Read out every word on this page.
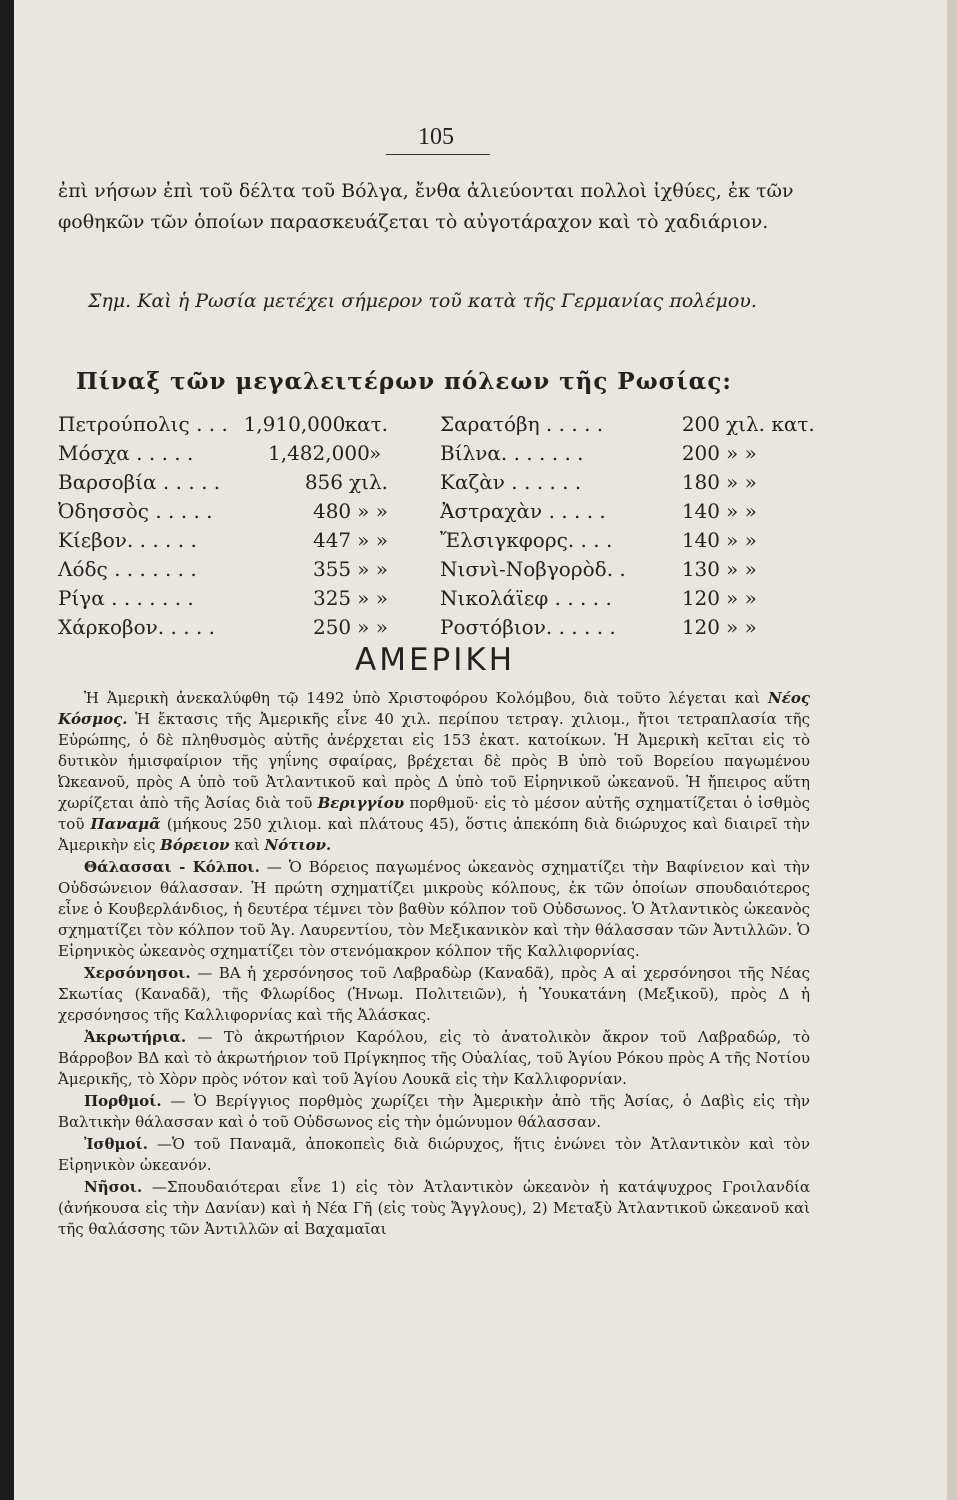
105

ἐπὶ νήσων ἐπὶ τοῦ δέλτα τοῦ Βόλγα, ἔνθα ἀλιεύονται πολλοὶ ἰχθύες, ἐκ τῶν φοθηκῶν τῶν ὁποίων παρασκευάζεται τὸ αὐγοτάραχον καὶ τὸ χαδιάριον.

Σημ. Καὶ ἡ Ρωσία μετέχει σήμερον τοῦ κατὰ τῆς Γερμανίας πολέμου.

Πίναξ τῶν μεγαλειτέρων πόλεων τῆς Ρωσίας:
Πετρούπολις . . . 1,910,000 κατ.
Μόσχα . . . . .	1,482,000 »
Βαρσοβία . . . . .	856 χιλ.
Ὀδησσὸς . . . . .	480 » »
Κίεβον. . . . . .	447 » »
Λόδς . . . . . . .	355 » »
Ρίγα . . . . . . .	325 » »
Χάρκοβον. . . . .	250 » »
Σαρατόβη . . . . .	200 χιλ. κατ.
Βίλνα. . . . . . .	200 » »
Καζὰν . . . . . .	180 » »
Ἀστραχὰν . . . . .	140 » »
Ἔλσιγκφορς. . . .	140 » »
Νισνὶ-Νοβγορὸδ. .	130 » »
Νικολάϊεφ . . . . .	120 » »
Ροστόβιον. . . . . .	120 » »
ΑΜΕΡΙΚΗ

Ἡ Ἀμερικὴ ἀνεκαλύφθη τῷ 1492 ὑπὸ Χριστοφόρου Κολόμβου, διὰ τοῦτο λέγεται καὶ Νέος Κόσμος. Ἡ ἔκτασις τῆς Ἀμερικῆς εἶνε 40 χιλ. περίπου τετραγ. χιλιομ., ἤτοι τετραπλασία τῆς Εὐρώπης, ὁ δὲ πληθυσμὸς αὐτῆς ἀνέρχεται εἰς 153 ἑκατ. κατοίκων. Ἡ Ἀμερικὴ κεῖται εἰς τὸ δυτικὸν ἡμισφαίριον τῆς γηΐνης σφαίρας, βρέχεται δὲ πρὸς Β ὑπὸ τοῦ Βορείου παγωμένου Ὠκεανοῦ, πρὸς Α ὑπὸ τοῦ Ἀτλαντικοῦ καὶ πρὸς Δ ὑπὸ τοῦ Εἰρηνικοῦ ὠκεανοῦ. Ἡ ἤπειρος αὕτη χωρίζεται ἀπὸ τῆς Ἀσίας διὰ τοῦ Βεριγγίου πορθμοῦ· εἰς τὸ μέσον αὐτῆς σχηματίζεται ὁ ἰσθμὸς τοῦ Παναμᾶ (μήκους 250 χιλιομ. καὶ πλάτους 45), ὅστις ἀπεκόπη διὰ διώρυχος καὶ διαιρεῖ τὴν Ἀμερικὴν εἰς Βόρειον καὶ Νότιον.

Θάλασσαι - Κόλποι. — Ὁ Βόρειος παγωμένος ὠκεανὸς σχηματίζει τὴν Βαφίνειον καὶ τὴν Οὐδσώνειον θάλασσαν. Ἡ πρώτη σχηματίζει μικροὺς κόλπους, ἐκ τῶν ὁποίων σπουδαιότερος εἶνε ὁ Κουβερλάνδιος, ἡ δευτέρα τέμνει τὸν βαθὺν κόλπον τοῦ Οὐδσωνος. Ὁ Ἀτλαντικὸς ὠκεανὸς σχηματίζει τὸν κόλπον τοῦ Ἁγ. Λαυρεντίου, τὸν Μεξικανικὸν καὶ τὴν θάλασσαν τῶν Ἀντιλλῶν. Ὁ Εἰρηνικὸς ὠκεανὸς σχηματίζει τὸν στενόμακρον κόλπον τῆς Καλλιφορνίας.

Χερσόνησοι. — ΒΑ ἡ χερσόνησος τοῦ Λαβραδὼρ (Καναδᾶ), πρὸς Α αἱ χερσόνησοι τῆς Νέας Σκωτίας (Καναδᾶ), τῆς Φλωρίδος (Ἡνωμ. Πολιτειῶν), ἡ Ὑουκατάνη (Μεξικοῦ), πρὸς Δ ἡ χερσόνησος τῆς Καλλιφορνίας καὶ τῆς Ἀλάσκας.

Ἀκρωτήρια. — Τὸ ἀκρωτήριον Καρόλου, εἰς τὸ ἀνατολικὸν ἄκρον τοῦ Λαβραδώρ, τὸ Βάρροβον ΒΔ καὶ τὸ ἀκρωτήριον τοῦ Πρίγκηπος τῆς Οὐαλίας, τοῦ Ἁγίου Ρόκου πρὸς Α τῆς Νοτίου Ἀμερικῆς, τὸ Χὸρν πρὸς νότον καὶ τοῦ Ἁγίου Λουκᾶ εἰς τὴν Καλλιφορνίαν.

Πορθμοί. — Ὁ Βερίγγιος πορθμὸς χωρίζει τὴν Ἀμερικὴν ἀπὸ τῆς Ἀσίας, ὁ Δαβὶς εἰς τὴν Βαλτικὴν θάλασσαν καὶ ὁ τοῦ Οὐδσωνος εἰς τὴν ὁμώνυμον θάλασσαν.

Ἰσθμοί. —Ὁ τοῦ Παναμᾶ, ἀποκοπεὶς διὰ διώρυχος, ἥτις ἑνώνει τὸν Ἀτλαντικὸν καὶ τὸν Εἰρηνικὸν ὠκεανόν.

Νῆσοι. —Σπουδαιότεραι εἶνε 1) εἰς τὸν Ἀτλαντικὸν ὠκεανὸν ἡ κατάψυχρος Γροιλανδία (ἀνήκουσα εἰς τὴν Δανίαν) καὶ ἡ Νέα Γῆ (εἰς τοὺς Ἄγγλους), 2) Μεταξὺ Ἀτλαντικοῦ ὠκεανοῦ καὶ τῆς θαλάσσης τῶν Ἀντιλλῶν αἱ Βαχαμαῖαι
